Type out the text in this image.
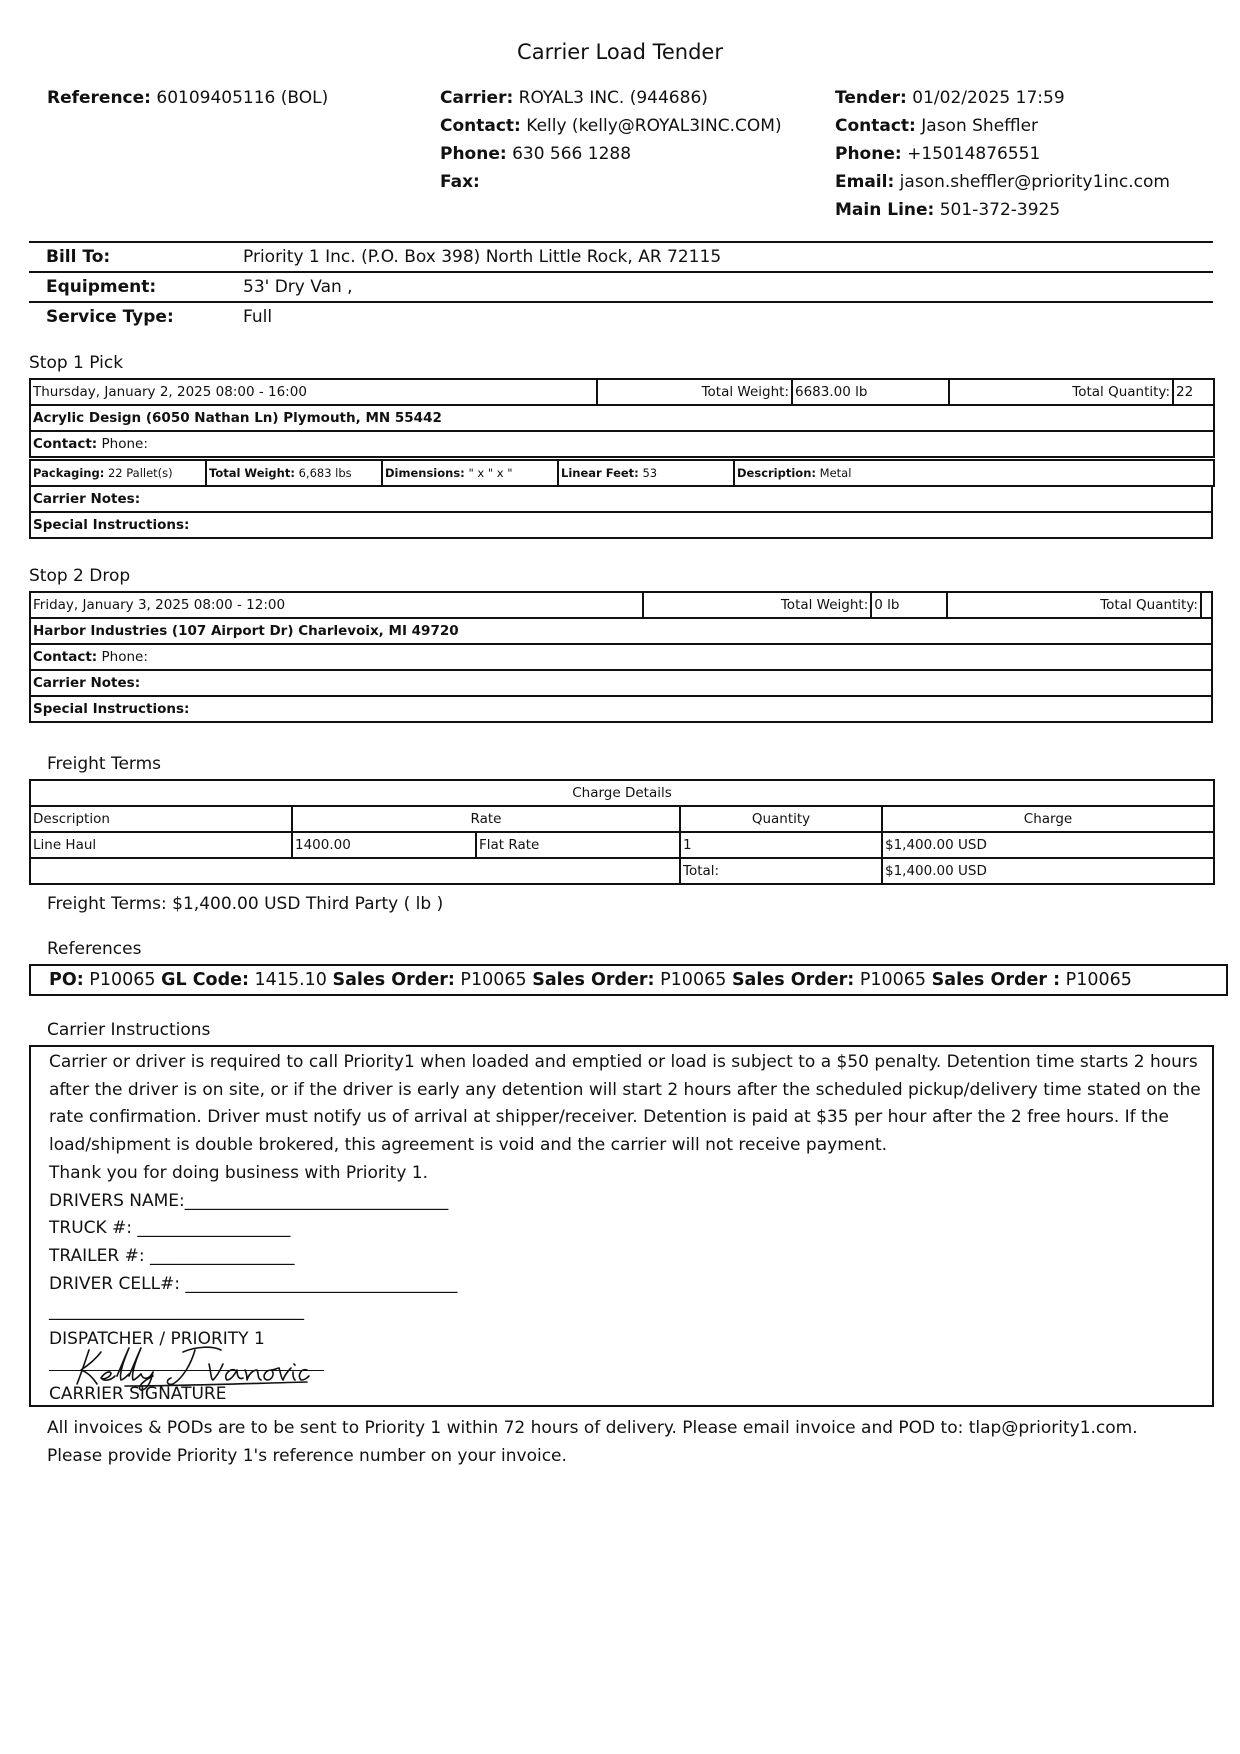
Carrier Load Tender
Reference: 60109405116 (BOL)	Carrier: ROYAL3 INC. (944686)
Contact: Kelly (kelly@ROYAL3INC.COM)
Phone: 630 566 1288
Fax:
Tender: 01/02/2025 17:59
Contact: Jason Sheffler
Phone: +15014876551
Email: jason.sheffler@priority1inc.com
Main Line: 501-372-3925
Bill To:	Priority 1 Inc. (P.O. Box 398) North Little Rock, AR 72115
Equipment:	53' Dry Van ,
Service Type:	Full
Stop 1 Pick
Thursday, January 2, 2025 08:00 - 16:00	Total Weight:	6683.00 lb	Total Quantity:	22
Acrylic Design (6050 Nathan Ln) Plymouth, MN 55442
Contact: Phone:
Packaging: 22 Pallet(s)	Total Weight: 6,683 lbs	Dimensions: " x " x "	Linear Feet: 53	Description: Metal
Carrier Notes:
Special Instructions:
Stop 2 Drop
Friday, January 3, 2025 08:00 - 12:00	Total Weight:	0 lb	Total Quantity:	
Harbor Industries (107 Airport Dr) Charlevoix, MI 49720
Contact: Phone:
Carrier Notes:
Special Instructions:
Freight Terms
Charge Details				
Description	Rate		Quantity	Charge
Line Haul	1400.00	Flat Rate	1	$1,400.00 USD
			Total:	$1,400.00 USD
Freight Terms: $1,400.00 USD Third Party ( lb )
References
PO: P10065 GL Code: 1415.10 Sales Order: P10065 Sales Order: P10065 Sales Order: P10065 Sales Order : P10065
Carrier Instructions
Carrier or driver is required to call Priority1 when loaded and emptied or load is subject to a $50 penalty. Detention time starts 2 hours after the driver is on site, or if the driver is early any detention will start 2 hours after the scheduled pickup/delivery time stated on the rate confirmation. Driver must notify us of arrival at shipper/receiver. Detention is paid at $35 per hour after the 2 free hours. If the load/shipment is double brokered, this agreement is void and the carrier will not receive payment.
Thank you for doing business with Priority 1.
DRIVERS NAME:_______________________________
TRUCK #: __________________
TRAILER #: _________________
DRIVER CELL#: ________________________________
______________________________
DISPATCHER / PRIORITY 1
CARRIER SIGNATURE
All invoices & PODs are to be sent to Priority 1 within 72 hours of delivery. Please email invoice and POD to: tlap@priority1.com. Please provide Priority 1's reference number on your invoice.
